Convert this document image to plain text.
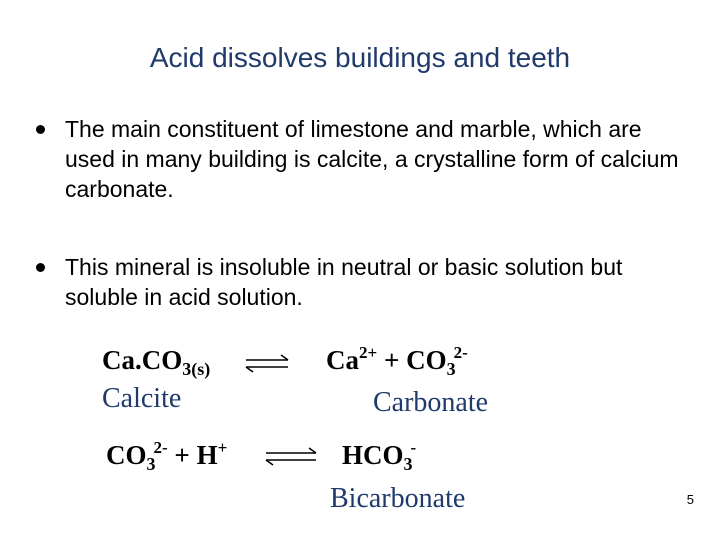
Acid dissolves buildings and teeth
The main constituent of limestone and marble, which are used in many building is calcite, a crystalline form of calcium carbonate.
This mineral is insoluble in neutral or basic solution but soluble in acid solution.
$Ca.CO_{3(s)}$
Calcite
$Ca^{2+} + CO_3^{2-}$
Carbonate
$CO_3^{2-} + H^+$ ⇌ $HCO_3^-$
Bicarbonate	5
